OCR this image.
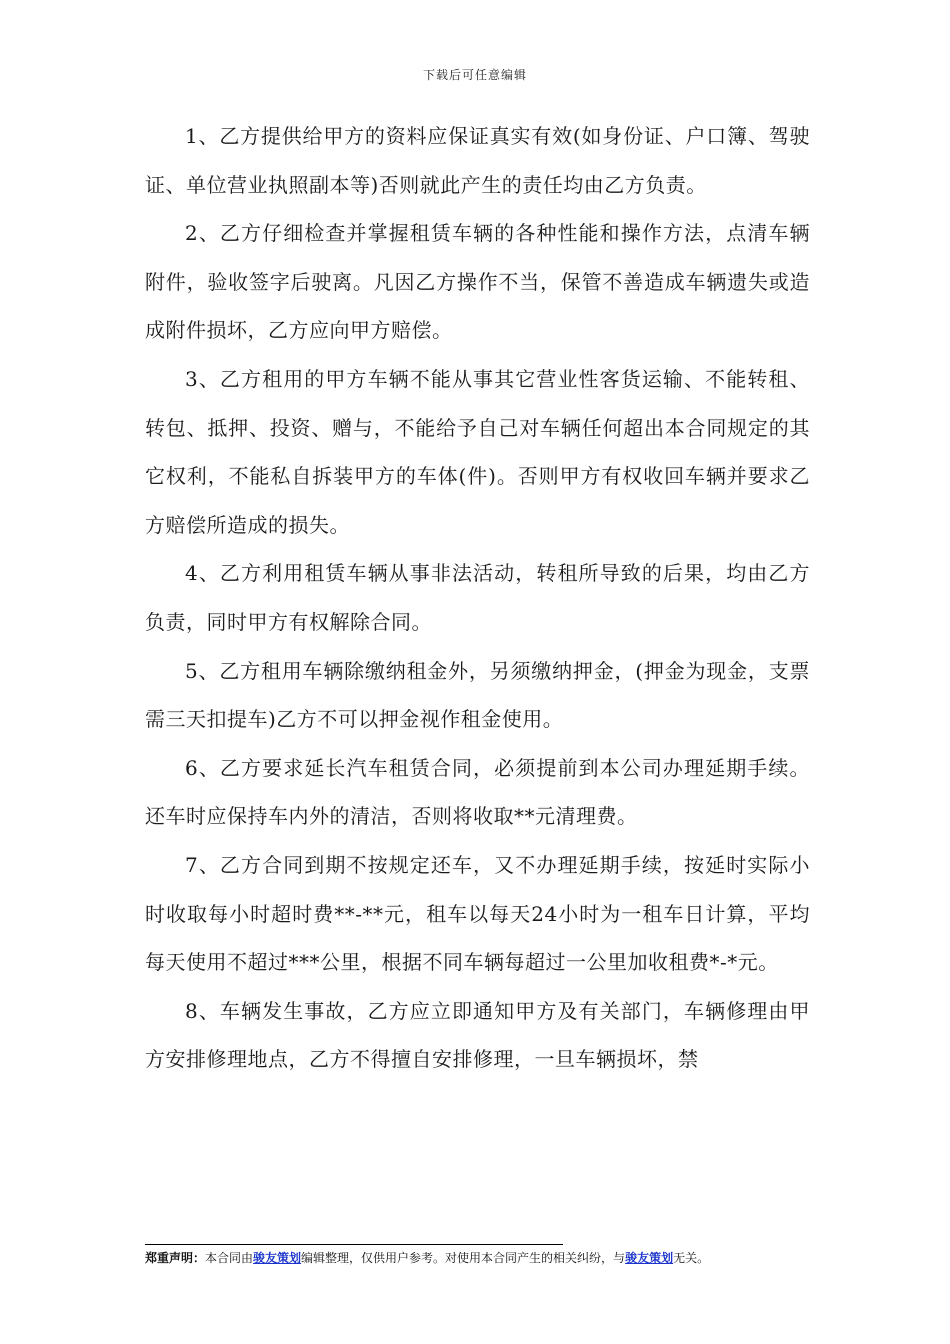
下载后可任意编辑

1、乙方提供给甲方的资料应保证真实有效(如身份证、户口簿、驾驶证、单位营业执照副本等)否则就此产生的责任均由乙方负责。

2、乙方仔细检查并掌握租赁车辆的各种性能和操作方法，点清车辆附件，验收签字后驶离。凡因乙方操作不当，保管不善造成车辆遗失或造成附件损坏，乙方应向甲方赔偿。

3、乙方租用的甲方车辆不能从事其它营业性客货运输、不能转租、转包、抵押、投资、赠与，不能给予自己对车辆任何超出本合同规定的其它权利，不能私自拆装甲方的车体(件)。否则甲方有权收回车辆并要求乙方赔偿所造成的损失。

4、乙方利用租赁车辆从事非法活动，转租所导致的后果，均由乙方负责，同时甲方有权解除合同。

5、乙方租用车辆除缴纳租金外，另须缴纳押金，(押金为现金，支票需三天扣提车)乙方不可以押金视作租金使用。

6、乙方要求延长汽车租赁合同，必须提前到本公司办理延期手续。还车时应保持车内外的清洁，否则将收取**元清理费。

7、乙方合同到期不按规定还车，又不办理延期手续，按延时实际小时收取每小时超时费**-**元，租车以每天24小时为一租车日计算，平均每天使用不超过***公里，根据不同车辆每超过一公里加收租费*-*元。

8、车辆发生事故，乙方应立即通知甲方及有关部门，车辆修理由甲方安排修理地点，乙方不得擅自安排修理，一旦车辆损坏，禁

郑重声明：本合同由骏友策划编辑整理，仅供用户参考。对使用本合同产生的相关纠纷，与骏友策划无关。
